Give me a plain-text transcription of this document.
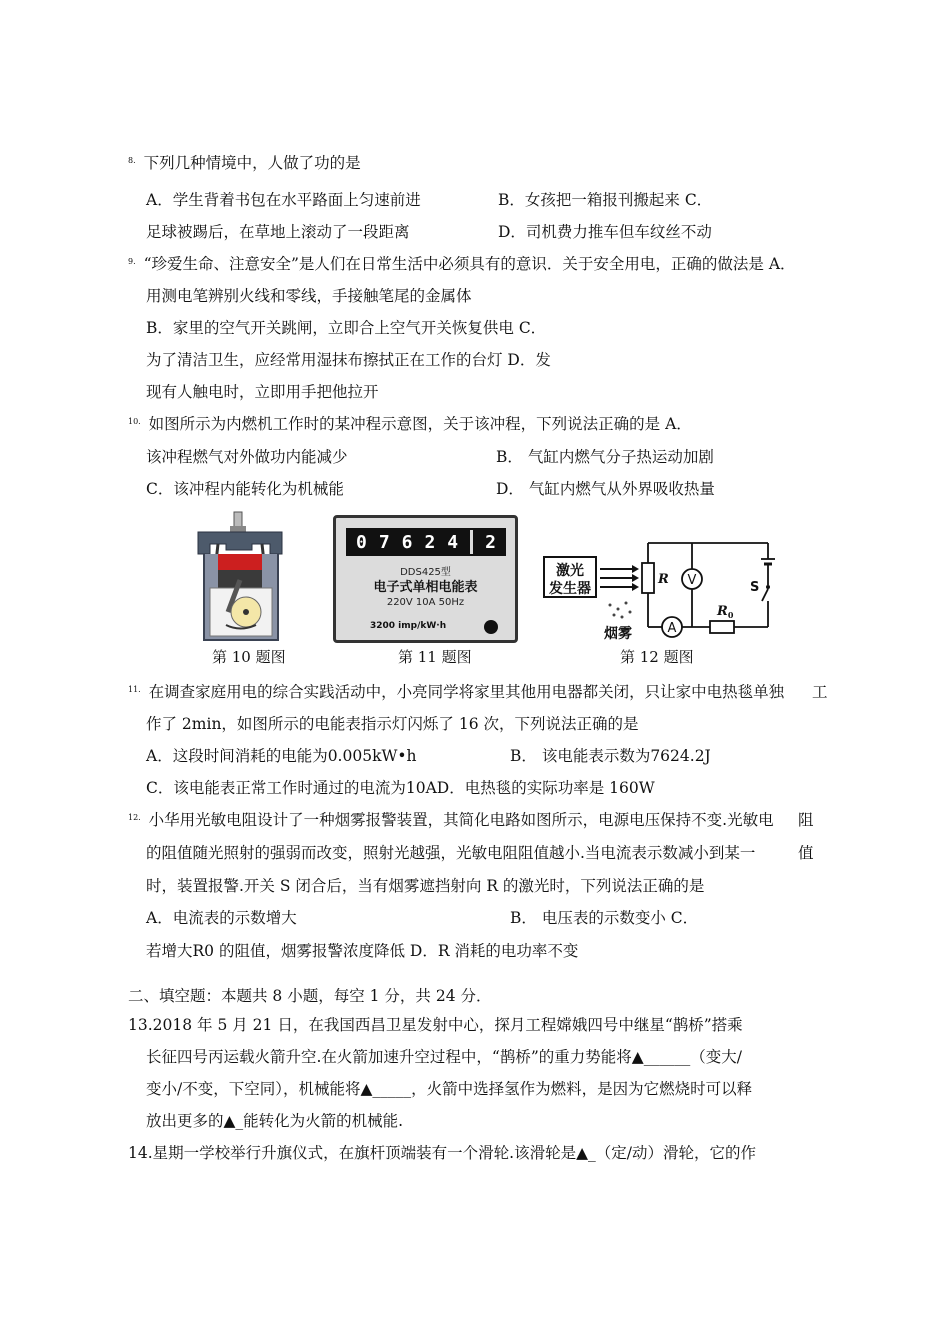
$^{8.}$ 下列几种情境中，人做了功的是
A．学生背着书包在水平路面上匀速前进	B．女孩把一箱报刊搬起来 C．
足球被踢后，在草地上滚动了一段距离	D．司机费力推车但车纹丝不动
$^{9.}$ “珍爱生命、注意安全”是人们在日常生活中必须具有的意识．关于安全用电，正确的做法是 A．
用测电笔辨别火线和零线，手接触笔尾的金属体
B．家里的空气开关跳闸，立即合上空气开关恢复供电 C．
为了清洁卫生，应经常用湿抹布擦拭正在工作的台灯 D．发
现有人触电时，立即用手把他拉开
$^{10.}$ 如图所示为内燃机工作时的某冲程示意图，关于该冲程，下列说法正确的是 A．
该冲程燃气对外做功内能减少	B． 气缸内燃气分子热运动加剧
C．该冲程内能转化为机械能	D． 气缸内燃气从外界吸收热量
0 7 6 2 4 2
DDS425型
电子式单相电能表
220V 10A 50Hz
3200 imp/kW·h
激光
发生器
烟雾
R
A
$R_0$
V	S
第 10 题图	第 11 题图	第 12 题图
$^{11.}$ 在调查家庭用电的综合实践活动中，小亮同学将家里其他用电器都关闭，只让家中电热毯单独 工
作了 2min，如图所示的电能表指示灯闪烁了 16 次，下列说法正确的是
A．这段时间消耗的电能为0.005kW•h	B． 该电能表示数为7624.2J
C．该电能表正常工作时通过的电流为10AD．电热毯的实际功率是 160W
$^{12.}$ 小华用光敏电阻设计了一种烟雾报警装置，其简化电路如图所示，电源电压保持不变.光敏电 阻
的阻值随光照射的强弱而改变，照射光越强，光敏电阻阻值越小.当电流表示数减小到某一	值
时，装置报警.开关 S 闭合后，当有烟雾遮挡射向 R 的激光时，下列说法正确的是
A．电流表的示数增大	B． 电压表的示数变小 C．
若增大R0 的阻值，烟雾报警浓度降低 D．R 消耗的电功率不变
二、填空题：本题共 8 小题，每空 1 分，共 24 分．
13.2018 年 5 月 21 日，在我国西昌卫星发射中心，探月工程嫦娥四号中继星“鹊桥”搭乘
长征四号丙运载火箭升空.在火箭加速升空过程中，“鹊桥”的重力势能将▲______（变大/
变小/不变，下空同），机械能将▲_____，火箭中选择氢作为燃料，是因为它燃烧时可以释
放出更多的▲_能转化为火箭的机械能.
14.星期一学校举行升旗仪式，在旗杆顶端装有一个滑轮.该滑轮是▲_（定/动）滑轮，它的作
